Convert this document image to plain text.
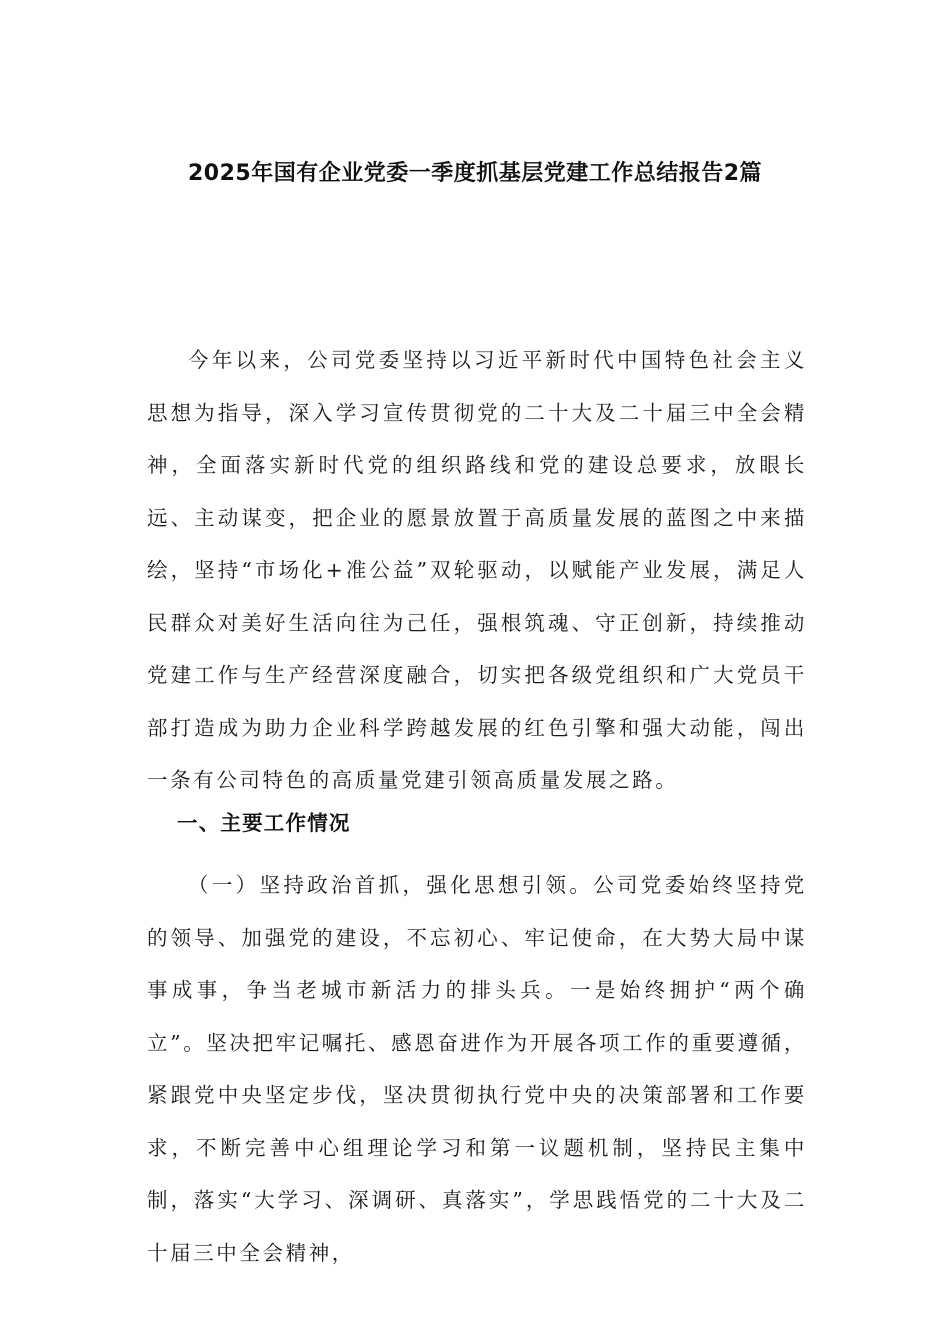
2025年国有企业党委一季度抓基层党建工作总结报告2篇

今年以来，公司党委坚持以习近平新时代中国特色社会主义思想为指导，深入学习宣传贯彻党的二十大及二十届三中全会精神，全面落实新时代党的组织路线和党的建设总要求，放眼长远、主动谋变，把企业的愿景放置于高质量发展的蓝图之中来描绘，坚持“市场化+准公益”双轮驱动，以赋能产业发展，满足人民群众对美好生活向往为己任，强根筑魂、守正创新，持续推动党建工作与生产经营深度融合，切实把各级党组织和广大党员干部打造成为助力企业科学跨越发展的红色引擎和强大动能，闯出一条有公司特色的高质量党建引领高质量发展之路。

一、主要工作情况

（一）坚持政治首抓，强化思想引领。公司党委始终坚持党的领导、加强党的建设，不忘初心、牢记使命，在大势大局中谋事成事，争当老城市新活力的排头兵。一是始终拥护“两个确立”。坚决把牢记嘱托、感恩奋进作为开展各项工作的重要遵循，紧跟党中央坚定步伐，坚决贯彻执行党中央的决策部署和工作要求，不断完善中心组理论学习和第一议题机制，坚持民主集中制，落实“大学习、深调研、真落实”，学思践悟党的二十大及二十届三中全会精神，
